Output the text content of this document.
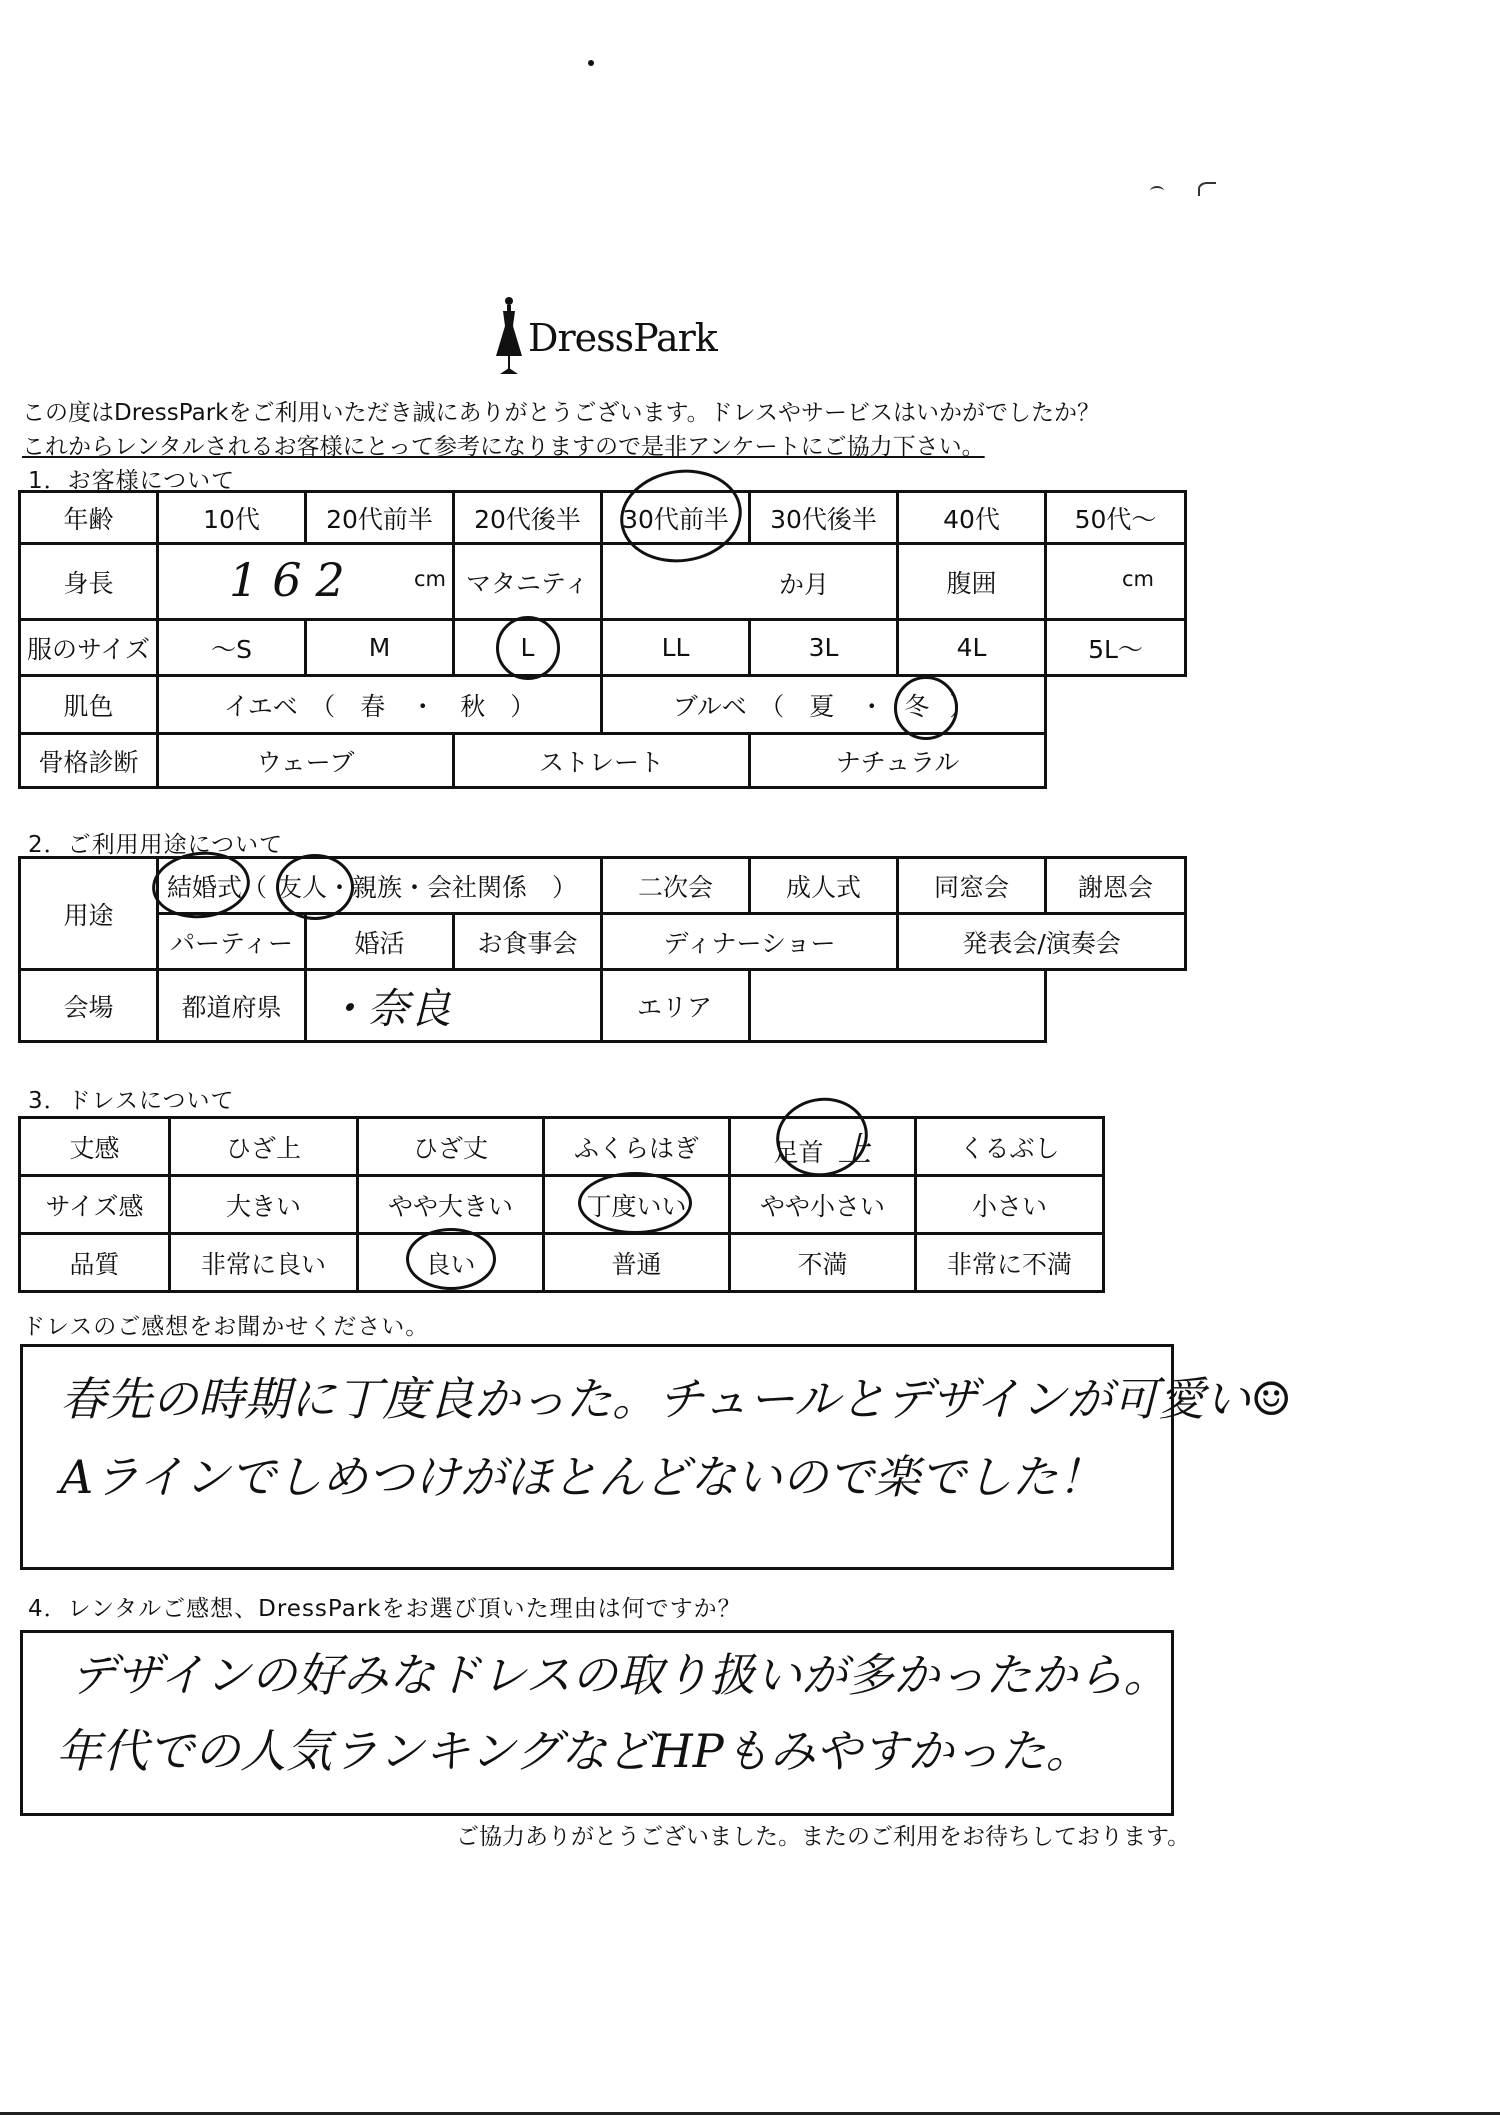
DressPark
この度はDressParkをご利用いただき誠にありがとうございます。ドレスやサービスはいかがでしたか？
これからレンタルされるお客様にとって参考になりますので是非アンケートにご協力下さい。
1．お客様について
年齢	10代	20代前半	20代後半	30代前半	30代後半	40代	50代～
身長	162 cm		マタニティ	か月		腹囲	cm

服のサイズ	～S	M	L	LL	3L	4L	5L～
肌色	イエベ　（　春　・　秋　）			ブルベ　（　夏　・ 冬 ）			
骨格診断	ウェーブ		ストレート		ナチュラル		
2．ご利用用途について
用途	結婚式（ 友人・親族・会社関係　）			二次会	成人式	同窓会	謝恩会
	パーティー	婚活	お食事会	ディナーショー		発表会/演奏会	
会場	都道府県	・奈良		エリア			
3．ドレスについて
丈感	ひざ上	ひざ丈	ふくらはぎ	足首 上	くるぶし
サイズ感	大きい	やや大きい	丁度いい	やや小さい	小さい
品質	非常に良い	良い	普通	不満	非常に不満
ドレスのご感想をお聞かせください。
春先の時期に丁度良かった。チュールとデザインが可愛い☺
Aラインでしめつけがほとんどないので楽でした！
4．レンタルご感想、DressParkをお選び頂いた理由は何ですか？
デザインの好みなドレスの取り扱いが多かったから。
年代での人気ランキングなどHPもみやすかった。
ご協力ありがとうございました。またのご利用をお待ちしております。
